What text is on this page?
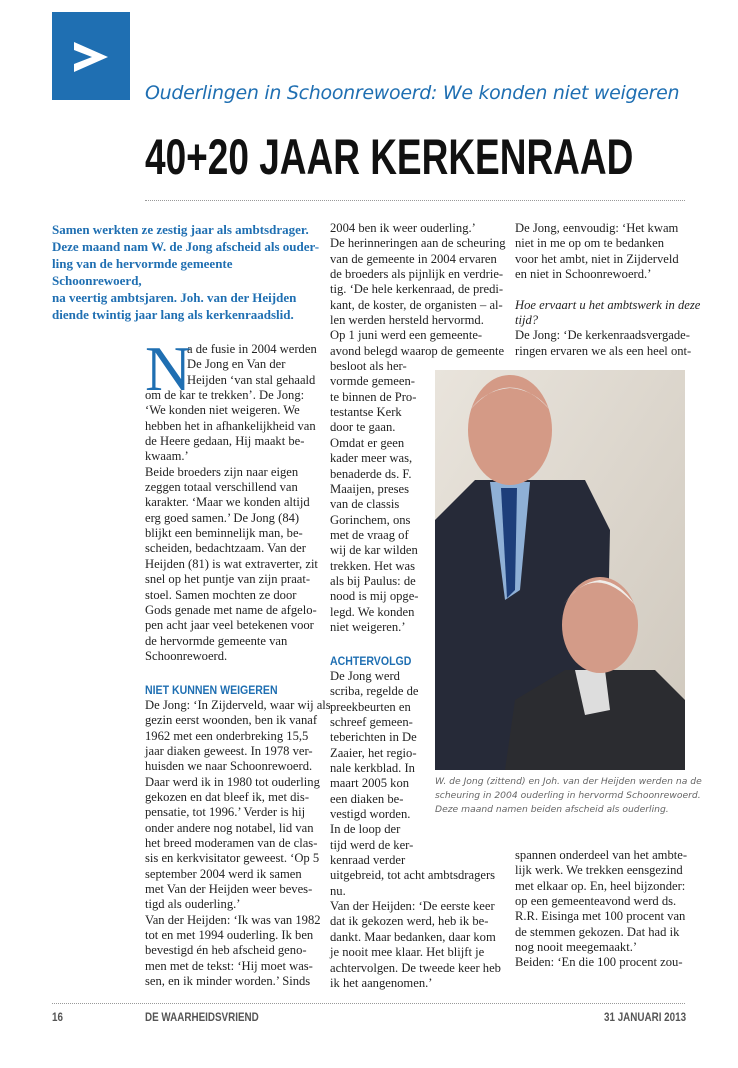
Ouderlingen in Schoonrewoerd: We konden niet weigeren
40+20 JAAR KERKENRAAD
Samen werkten ze zestig jaar als ambtsdrager.
Deze maand nam W. de Jong afscheid als ouder-
ling van de hervormde gemeente Schoonrewoerd,
na veertig ambtsjaren. Joh. van der Heijden
diende twintig jaar lang als kerkenraadslid.
N
a de fusie in 2004 werden
De Jong en Van der
Heijden ‘van stal gehaald
om de kar te trekken’. De Jong:
‘We konden niet weigeren. We
hebben het in afhankelijkheid van
de Heere gedaan, Hij maakt be-
kwaam.’
Beide broeders zijn naar eigen
zeggen totaal verschillend van
karakter. ‘Maar we konden altijd
erg goed samen.’ De Jong (84)
blijkt een beminnelijk man, be-
scheiden, bedachtzaam. Van der
Heijden (81) is wat extraverter, zit
snel op het puntje van zijn praat-
stoel. Samen mochten ze door
Gods genade met name de afgelo-
pen acht jaar veel betekenen voor
de hervormde gemeente van
Schoonrewoerd.
NIET KUNNEN WEIGEREN
De Jong: ‘In Zijderveld, waar wij als
gezin eerst woonden, ben ik vanaf
1962 met een onderbreking 15,5
jaar diaken geweest. In 1978 ver-
huisden we naar Schoonrewoerd.
Daar werd ik in 1980 tot ouderling
gekozen en dat bleef ik, met dis-
pensatie, tot 1996.’ Verder is hij
onder andere nog notabel, lid van
het breed moderamen van de clas-
sis en kerkvisitator geweest. ‘Op 5
september 2004 werd ik samen
met Van der Heijden weer beves-
tigd als ouderling.’
Van der Heijden: ‘Ik was van 1982
tot en met 1994 ouderling. Ik ben
bevestigd én heb afscheid geno-
men met de tekst: ‘Hij moet was-
sen, en ik minder worden.’ Sinds
2004 ben ik weer ouderling.’
De herinneringen aan de scheuring
van de gemeente in 2004 ervaren
de broeders als pijnlijk en verdrie-
tig. ‘De hele kerkenraad, de predi-
kant, de koster, de organisten – al-
len werden hersteld hervormd.
Op 1 juni werd een gemeente-
avond belegd waarop de gemeente
besloot als her-
vormde gemeen-
te binnen de Pro-
testantse Kerk
door te gaan.
Omdat er geen
kader meer was,
benaderde ds. F.
Maaijen, preses
van de classis
Gorinchem, ons
met de vraag of
wij de kar wilden
trekken. Het was
als bij Paulus: de
nood is mij opge-
legd. We konden
niet weigeren.’
ACHTERVOLGD
De Jong werd
scriba, regelde de
preekbeurten en
schreef gemeen-
teberichten in De
Zaaier, het regio-
nale kerkblad. In
maart 2005 kon
een diaken be-
vestigd worden.
In de loop der
tijd werd de ker-
kenraad verder
uitgebreid, tot acht ambtsdragers
nu.
Van der Heijden: ‘De eerste keer
dat ik gekozen werd, heb ik be-
dankt. Maar bedanken, daar kom
je nooit mee klaar. Het blijft je
achtervolgen. De tweede keer heb
ik het aangenomen.’
De Jong, eenvoudig: ‘Het kwam
niet in me op om te bedanken
voor het ambt, niet in Zijderveld
en niet in Schoonrewoerd.’
Hoe ervaart u het ambtswerk in deze
tijd?
De Jong: ‘De kerkenraadsvergade-
ringen ervaren we als een heel ont-
spannen onderdeel van het ambte-
lijk werk. We trekken eensgezind
met elkaar op. En, heel bijzonder:
op een gemeenteavond werd ds.
R.R. Eisinga met 100 procent van
de stemmen gekozen. Dat had ik
nog nooit meegemaakt.’
Beiden: ‘En die 100 procent zou-
W. de Jong (zittend) en Joh. van der Heijden werden na de
scheuring in 2004 ouderling in hervormd Schoonrewoerd.
Deze maand namen beiden afscheid als ouderling.
16	DE WAARHEIDSVRIEND	31 JANUARI 2013
